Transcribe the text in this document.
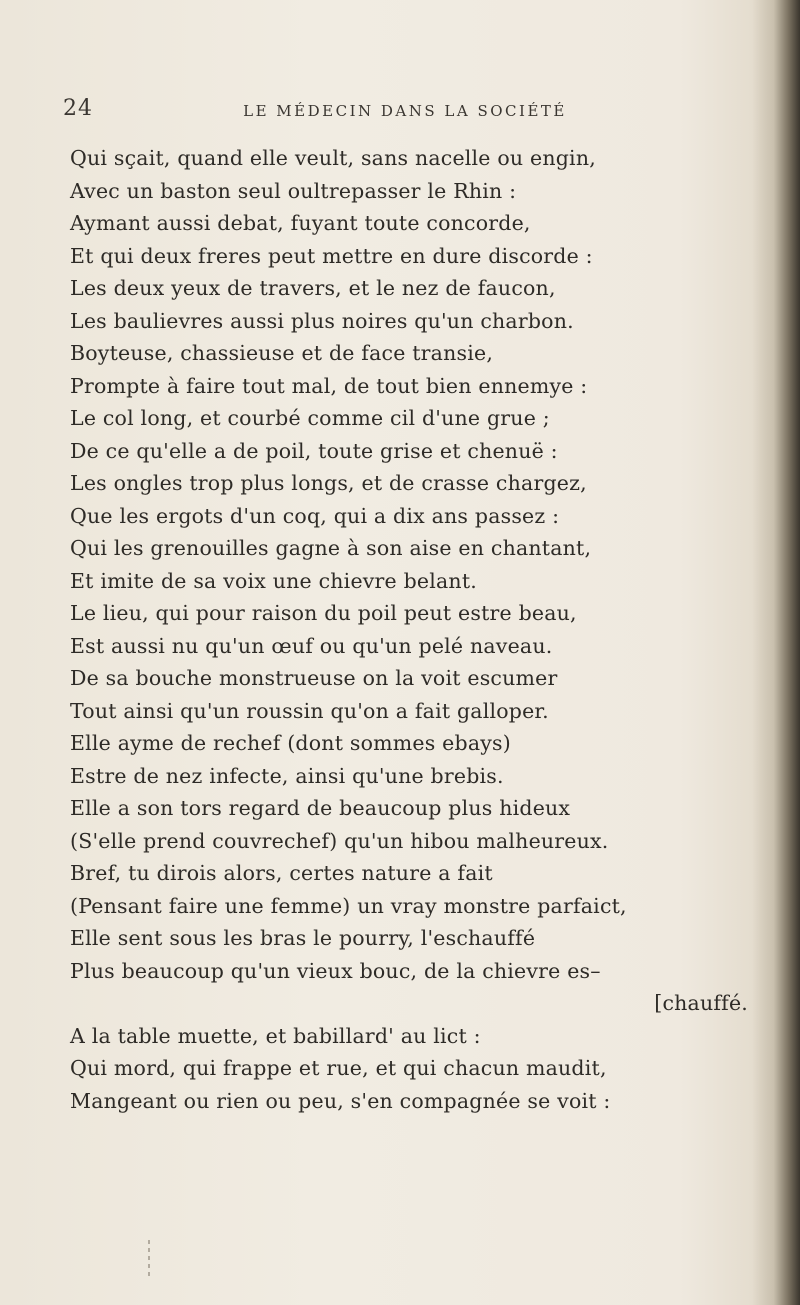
24	LE MÉDECIN DANS LA SOCIÉTÉ
Qui sçait, quand elle veult, sans nacelle ou engin,
Avec un baston seul oultrepasser le Rhin :
Aymant aussi debat, fuyant toute concorde,
Et qui deux freres peut mettre en dure discorde :
Les deux yeux de travers, et le nez de faucon,
Les baulievres aussi plus noires qu'un charbon.
Boyteuse, chassieuse et de face transie,
Prompte à faire tout mal, de tout bien ennemye :
Le col long, et courbé comme cil d'une grue ;
De ce qu'elle a de poil, toute grise et chenuë :
Les ongles trop plus longs, et de crasse chargez,
Que les ergots d'un coq, qui a dix ans passez :
Qui les grenouilles gagne à son aise en chantant,
Et imite de sa voix une chievre belant.
Le lieu, qui pour raison du poil peut estre beau,
Est aussi nu qu'un œuf ou qu'un pelé naveau.
De sa bouche monstrueuse on la voit escumer
Tout ainsi qu'un roussin qu'on a fait galloper.
Elle ayme de rechef (dont sommes ebays)
Estre de nez infecte, ainsi qu'une brebis.
Elle a son tors regard de beaucoup plus hideux
(S'elle prend couvrechef) qu'un hibou malheureux.
Bref, tu dirois alors, certes nature a fait
(Pensant faire une femme) un vray monstre parfaict,
Elle sent sous les bras le pourry, l'eschauffé
Plus beaucoup qu'un vieux bouc, de la chievre es–
[chauffé.
A la table muette, et babillard' au lict :
Qui mord, qui frappe et rue, et qui chacun maudit,
Mangeant ou rien ou peu, s'en compagnée se voit :
